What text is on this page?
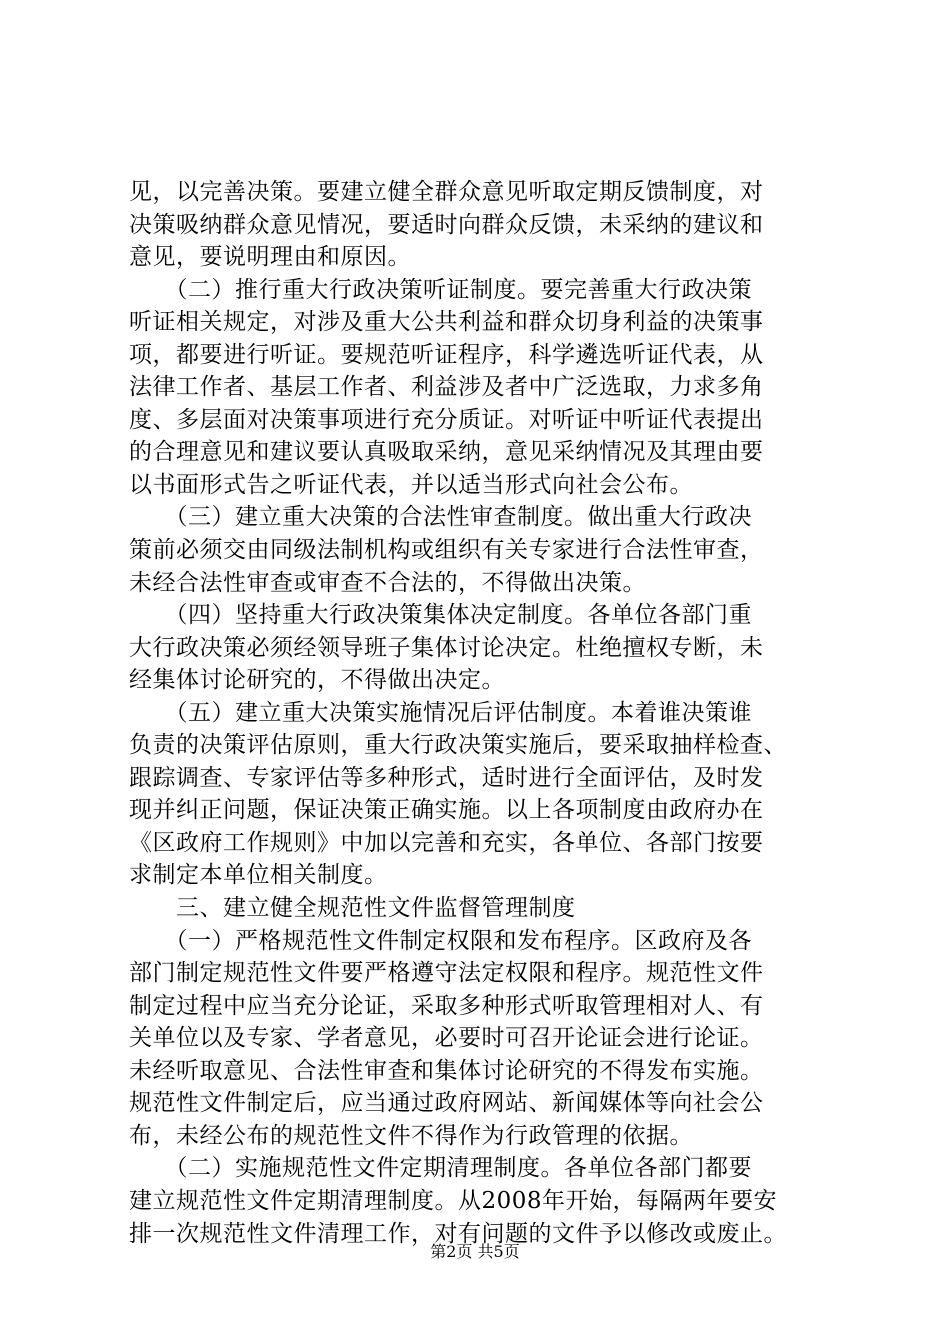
见，以完善决策。要建立健全群众意见听取定期反馈制度，对
决策吸纳群众意见情况，要适时向群众反馈，未采纳的建议和
意见，要说明理由和原因。
　　（二）推行重大行政决策听证制度。要完善重大行政决策
听证相关规定，对涉及重大公共利益和群众切身利益的决策事
项，都要进行听证。要规范听证程序，科学遴选听证代表，从
法律工作者、基层工作者、利益涉及者中广泛选取，力求多角
度、多层面对决策事项进行充分质证。对听证中听证代表提出
的合理意见和建议要认真吸取采纳，意见采纳情况及其理由要
以书面形式告之听证代表，并以适当形式向社会公布。
　　（三）建立重大决策的合法性审查制度。做出重大行政决
策前必须交由同级法制机构或组织有关专家进行合法性审查，
未经合法性审查或审查不合法的，不得做出决策。
　　（四）坚持重大行政决策集体决定制度。各单位各部门重
大行政决策必须经领导班子集体讨论决定。杜绝擅权专断，未
经集体讨论研究的，不得做出决定。
　　（五）建立重大决策实施情况后评估制度。本着谁决策谁
负责的决策评估原则，重大行政决策实施后，要采取抽样检查、
跟踪调查、专家评估等多种形式，适时进行全面评估，及时发
现并纠正问题，保证决策正确实施。以上各项制度由政府办在
《区政府工作规则》中加以完善和充实，各单位、各部门按要
求制定本单位相关制度。
　　三、建立健全规范性文件监督管理制度
　　（一）严格规范性文件制定权限和发布程序。区政府及各
部门制定规范性文件要严格遵守法定权限和程序。规范性文件
制定过程中应当充分论证，采取多种形式听取管理相对人、有
关单位以及专家、学者意见，必要时可召开论证会进行论证。
未经听取意见、合法性审查和集体讨论研究的不得发布实施。
规范性文件制定后，应当通过政府网站、新闻媒体等向社会公
布，未经公布的规范性文件不得作为行政管理的依据。
　　（二）实施规范性文件定期清理制度。各单位各部门都要
建立规范性文件定期清理制度。从2008年开始，每隔两年要安
排一次规范性文件清理工作，对有问题的文件予以修改或废止。
第2页 共5页
